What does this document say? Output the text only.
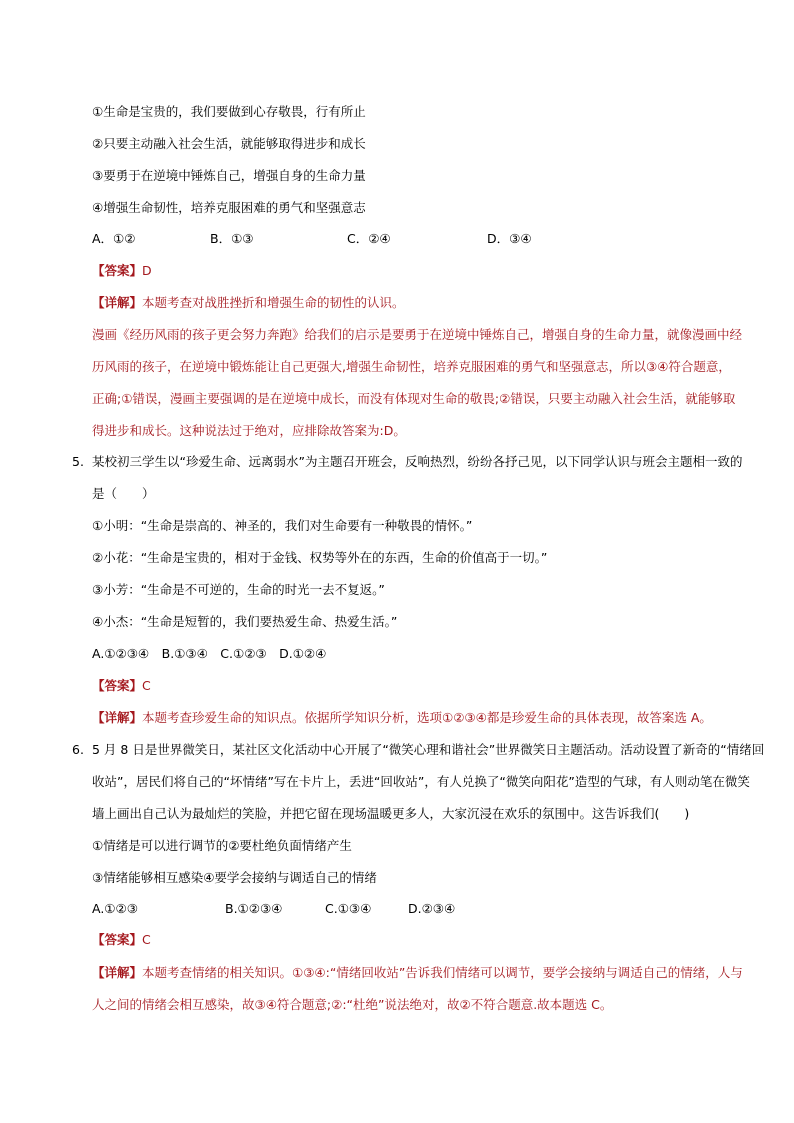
①生命是宝贵的，我们要做到心存敬畏，行有所止
②只要主动融入社会生活，就能够取得进步和成长
③要勇于在逆境中锤炼自己，增强自身的生命力量
④增强生命韧性，培养克服困难的勇气和坚强意志
A．①②	B．①③	C．②④	D．③④
【答案】D
【详解】本题考查对战胜挫折和增强生命的韧性的认识。
漫画《经历风雨的孩子更会努力奔跑》给我们的启示是要勇于在逆境中锤炼自己，增强自身的生命力量，就像漫画中经
历风雨的孩子，在逆境中锻炼能让自己更强大,增强生命韧性，培养克服困难的勇气和坚强意志，所以③④符合题意，
正确;①错误，漫画主要强调的是在逆境中成长，而没有体现对生命的敬畏;②错误，只要主动融入社会生活，就能够取
得进步和成长。这种说法过于绝对，应排除故答案为:D。
5. 某校初三学生以“珍爱生命、远离弱水”为主题召开班会，反响热烈，纷纷各抒己见，以下同学认识与班会主题相一致的
是（　　）
①小明：“生命是崇高的、神圣的，我们对生命要有一种敬畏的情怀。”
②小花：“生命是宝贵的，相对于金钱、权势等外在的东西，生命的价值高于一切。”
③小芳：“生命是不可逆的，生命的时光一去不复返。”
④小杰：“生命是短暂的，我们要热爱生命、热爱生活。”
A.①②③④　B.①③④　C.①②③　D.①②④
【答案】C
【详解】本题考查珍爱生命的知识点。依据所学知识分析，选项①②③④都是珍爱生命的具体表现，故答案选 A。
6. 5 月 8 日是世界微笑日，某社区文化活动中心开展了“微笑心理和谐社会”世界微笑日主题活动。活动设置了新奇的“情绪回
收站”，居民们将自己的“坏情绪”写在卡片上，丢进“回收站”，有人兑换了“微笑向阳花”造型的气球，有人则动笔在微笑
墙上画出自己认为最灿烂的笑脸，并把它留在现场温暖更多人，大家沉浸在欢乐的氛围中。这告诉我们(　　)
①情绪是可以进行调节的②要杜绝负面情绪产生
③情绪能够相互感染④要学会接纳与调适自己的情绪
A.①②③	B.①②③④	C.①③④	D.②③④
【答案】C
【详解】本题考查情绪的相关知识。①③④:“情绪回收站”告诉我们情绪可以调节，要学会接纳与调适自己的情绪，人与
人之间的情绪会相互感染，故③④符合题意;②:“杜绝”说法绝对，故②不符合题意.故本题选 C。
